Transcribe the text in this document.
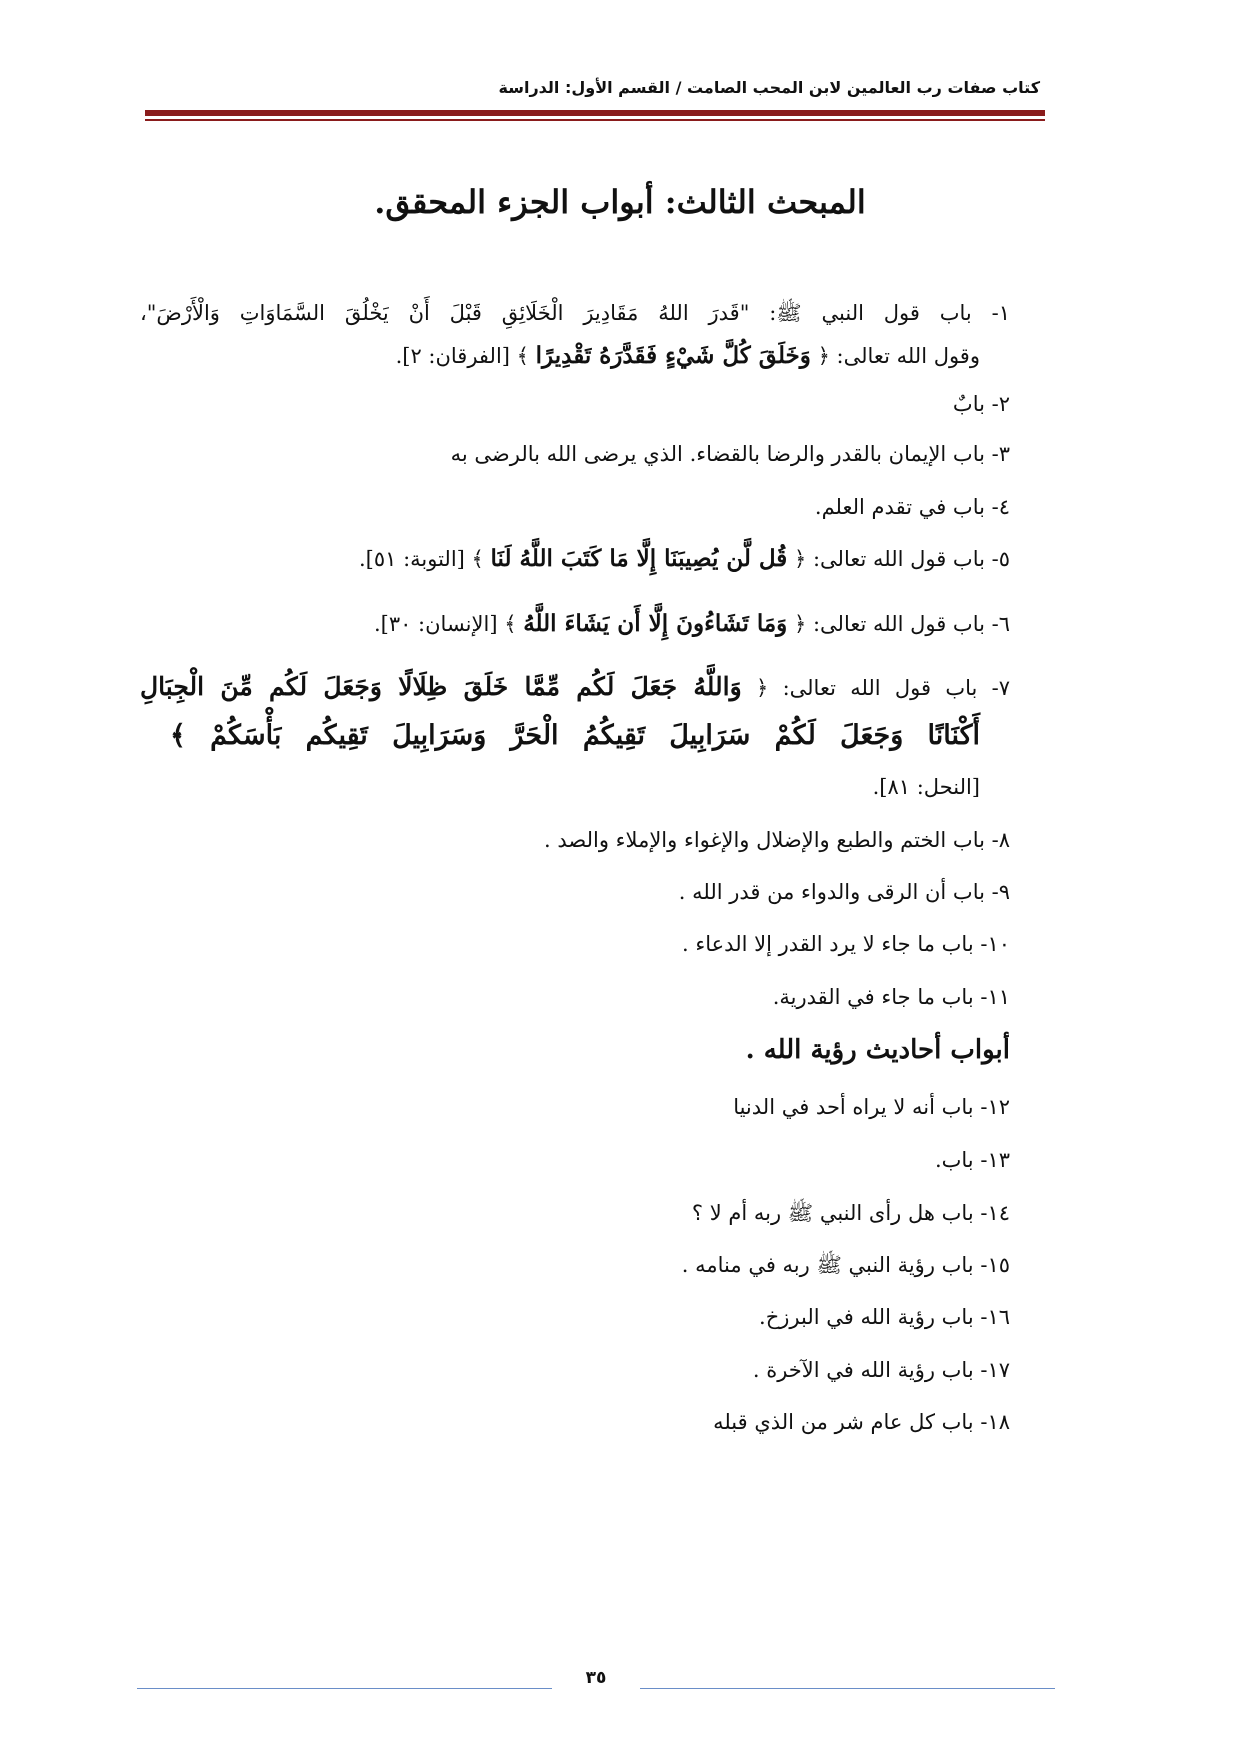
كتاب صفات رب العالمين لابن المحب الصامت / القسم الأول: الدراسة
المبحث الثالث: أبواب الجزء المحقق.
١- باب قول النبي ﷺ: "قَدرَ اللهُ مَقَادِيرَ الْخَلَائِقِ قَبْلَ أَنْ يَخْلُقَ السَّمَاوَاتِ وَالْأَرْضَ"،
وقول الله تعالى: ﴿ وَخَلَقَ كُلَّ شَيْءٍ فَقَدَّرَهُ تَقْدِيرًا ﴾ [الفرقان: ٢].
٢- بابٌ
٣- باب الإيمان بالقدر والرضا بالقضاء. الذي يرضى الله بالرضى به
٤- باب في تقدم العلم.
٥- باب قول الله تعالى: ﴿ قُل لَّن يُصِيبَنَا إِلَّا مَا كَتَبَ اللَّهُ لَنَا ﴾ [التوبة: ٥١].
٦- باب قول الله تعالى: ﴿ وَمَا تَشَاءُونَ إِلَّا أَن يَشَاءَ اللَّهُ ﴾ [الإنسان: ٣٠].
٧- باب قول الله تعالى: ﴿ وَاللَّهُ جَعَلَ لَكُم مِّمَّا خَلَقَ ظِلَالًا وَجَعَلَ لَكُم مِّنَ الْجِبَالِ
أَكْنَانًا وَجَعَلَ لَكُمْ سَرَابِيلَ تَقِيكُمُ الْحَرَّ وَسَرَابِيلَ تَقِيكُم بَأْسَكُمْ ﴾
[النحل: ٨١].
٨- باب الختم والطبع والإضلال والإغواء والإملاء والصد .
٩- باب أن الرقى والدواء من قدر الله .
١٠- باب ما جاء لا يرد القدر إلا الدعاء .
١١- باب ما جاء في القدرية.
أبواب أحاديث رؤية الله .
١٢- باب أنه لا يراه أحد في الدنيا
١٣- باب.
١٤- باب هل رأى النبي ﷺ ربه أم لا ؟
١٥- باب رؤية النبي ﷺ ربه في منامه .
١٦- باب رؤية الله في البرزخ.
١٧- باب رؤية الله في الآخرة .
١٨- باب كل عام شر من الذي قبله
٣٥
